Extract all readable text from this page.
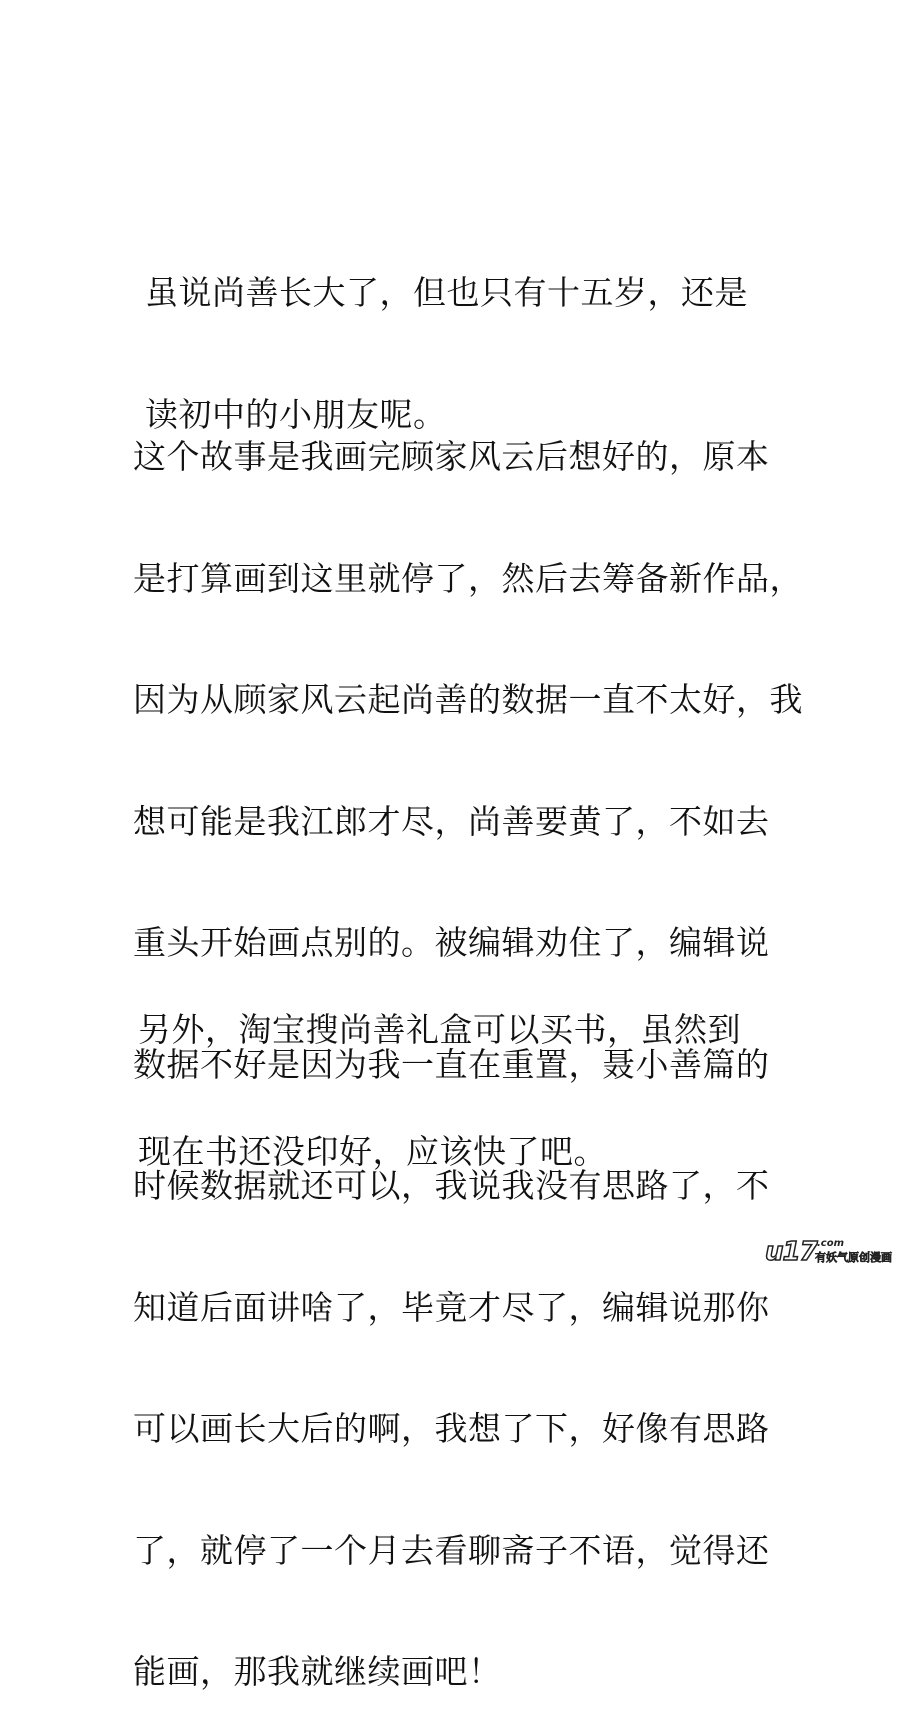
虽说尚善长大了，但也只有十五岁，还是

读初中的小朋友呢。

这个故事是我画完顾家风云后想好的，原本

是打算画到这里就停了，然后去筹备新作品，

因为从顾家风云起尚善的数据一直不太好，我

想可能是我江郎才尽，尚善要黄了，不如去

重头开始画点别的。被编辑劝住了，编辑说

数据不好是因为我一直在重置，聂小善篇的

时候数据就还可以，我说我没有思路了，不

知道后面讲啥了，毕竟才尽了，编辑说那你

可以画长大后的啊，我想了下，好像有思路

了，就停了一个月去看聊斋子不语，觉得还

能画，那我就继续画吧！

另外，淘宝搜尚善礼盒可以买书，虽然到

现在书还没印好，应该快了吧。

u17 .com
有妖气原创漫画
